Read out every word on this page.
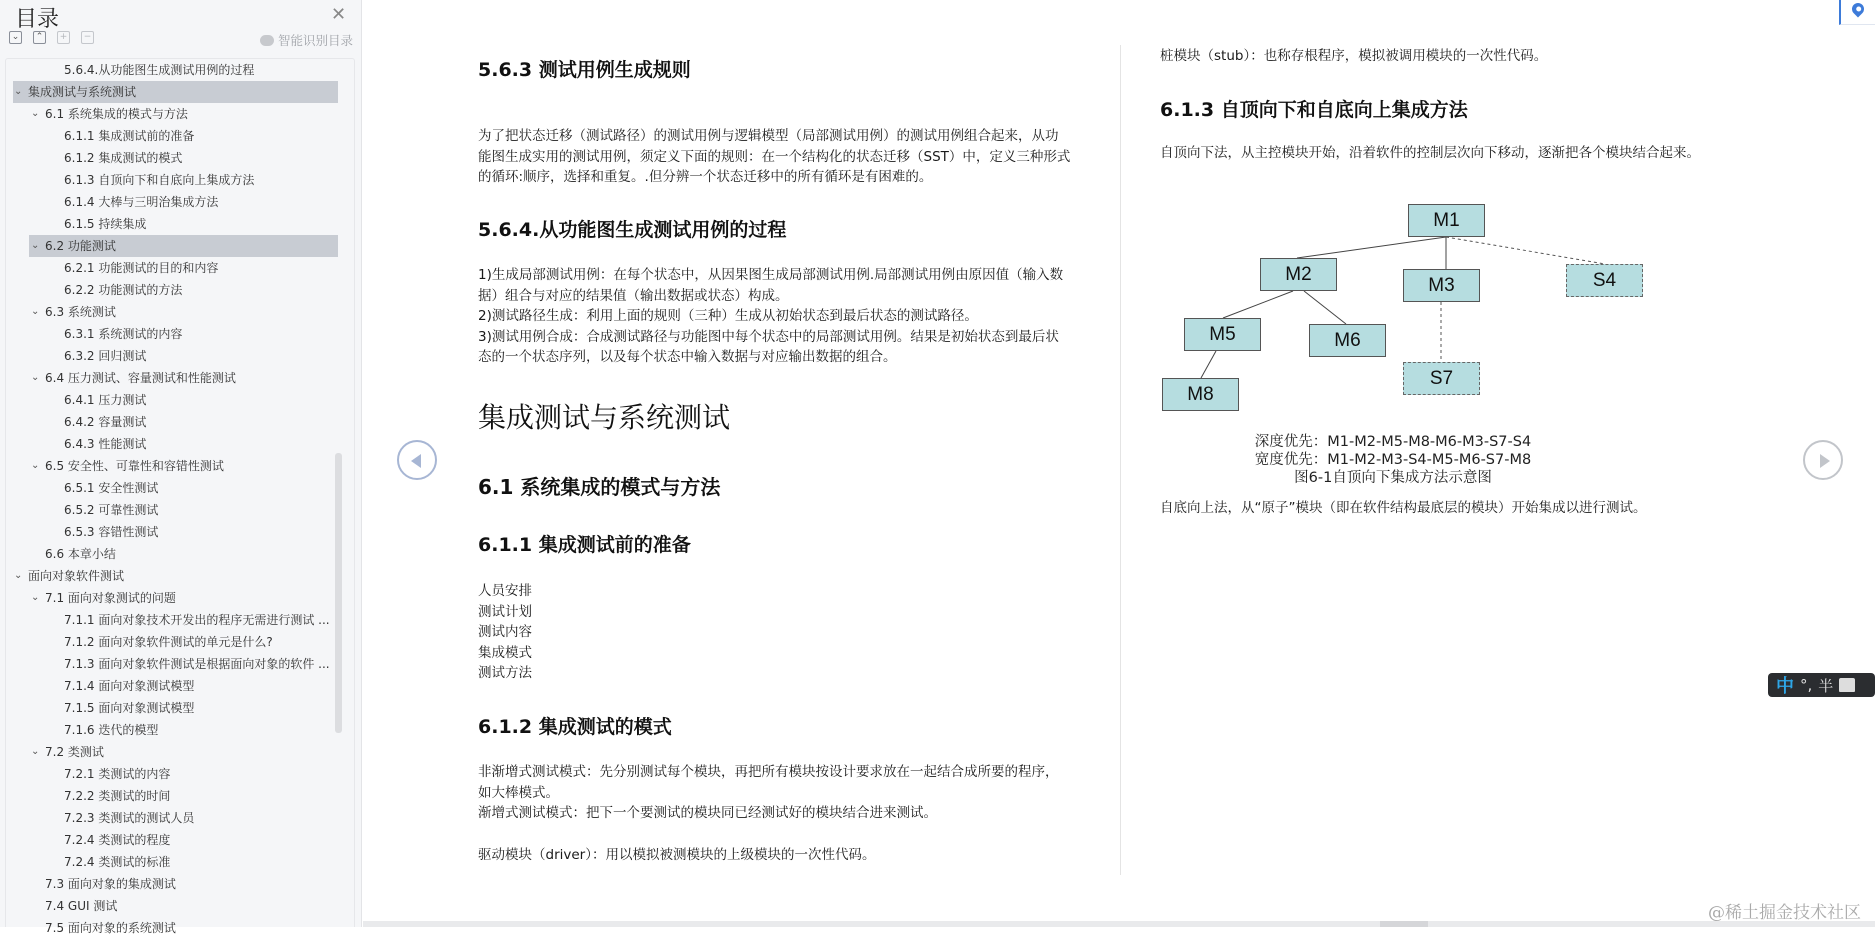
目录	✕
⌄	⌃	+	−	智能识别目录
5.6.4.从功能图生成测试用例的过程
⌄ 集成测试与系统测试
⌄ 6.1 系统集成的模式与方法
6.1.1 集成测试前的准备
6.1.2 集成测试的模式
6.1.3 自顶向下和自底向上集成方法
6.1.4 大棒与三明治集成方法
6.1.5 持续集成
⌄ 6.2 功能测试
6.2.1 功能测试的目的和内容
6.2.2 功能测试的方法
⌄ 6.3 系统测试
6.3.1 系统测试的内容
6.3.2 回归测试
⌄ 6.4 压力测试、容量测试和性能测试
6.4.1 压力测试
6.4.2 容量测试
6.4.3 性能测试
⌄ 6.5 安全性、可靠性和容错性测试
6.5.1 安全性测试
6.5.2 可靠性测试
6.5.3 容错性测试
6.6 本章小结
⌄ 面向对象软件测试
⌄ 7.1 面向对象测试的问题
7.1.1 面向对象技术开发出的程序无需进行测试 ...
7.1.2 面向对象软件测试的单元是什么?
7.1.3 面向对象软件测试是根据面向对象的软件 ...
7.1.4 面向对象测试模型
7.1.5 面向对象测试模型
7.1.6 迭代的模型
⌄ 7.2 类测试
7.2.1 类测试的内容
7.2.2 类测试的时间
7.2.3 类测试的测试人员
7.2.4 类测试的程度
7.2.4 类测试的标准
7.3 面向对象的集成测试
7.4 GUI 测试
7.5 面向对象的系统测试
5.6.3 测试用例生成规则
为了把状态迁移（测试路径）的测试用例与逻辑模型（局部测试用例）的测试用例组合起来，从功
能图生成实用的测试用例，须定义下面的规则：在一个结构化的状态迁移（SST）中，定义三种形式
的循环:顺序，选择和重复。.但分辨一个状态迁移中的所有循环是有困难的。
5.6.4.从功能图生成测试用例的过程
1)生成局部测试用例：在每个状态中，从因果图生成局部测试用例.局部测试用例由原因值（输入数
据）组合与对应的结果值（输出数据或状态）构成。
2)测试路径生成：利用上面的规则（三种）生成从初始状态到最后状态的测试路径。
3)测试用例合成：合成测试路径与功能图中每个状态中的局部测试用例。结果是初始状态到最后状
态的一个状态序列，以及每个状态中输入数据与对应输出数据的组合。
集成测试与系统测试
6.1 系统集成的模式与方法
6.1.1 集成测试前的准备
人员安排
测试计划
测试内容
集成模式
测试方法
6.1.2 集成测试的模式
非渐增式测试模式：先分别测试每个模块，再把所有模块按设计要求放在一起结合成所要的程序，
如大棒模式。
渐增式测试模式：把下一个要测试的模块同已经测试好的模块结合进来测试。
驱动模块（driver）：用以模拟被测模块的上级模块的一次性代码。
桩模块（stub）：也称存根程序，模拟被调用模块的一次性代码。
6.1.3 自顶向下和自底向上集成方法
自顶向下法，从主控模块开始，沿着软件的控制层次向下移动，逐渐把各个模块结合起来。
M1
M2
M3	S4
M5	M6
S7
M8
深度优先：M1-M2-M5-M8-M6-M3-S7-S4
宽度优先：M1-M2-M3-S4-M5-M6-S7-M8
图6-1自顶向下集成方法示意图
自底向上法，从“原子”模块（即在软件结构最底层的模块）开始集成以进行测试。
中 °, 半
@稀土掘金技术社区
